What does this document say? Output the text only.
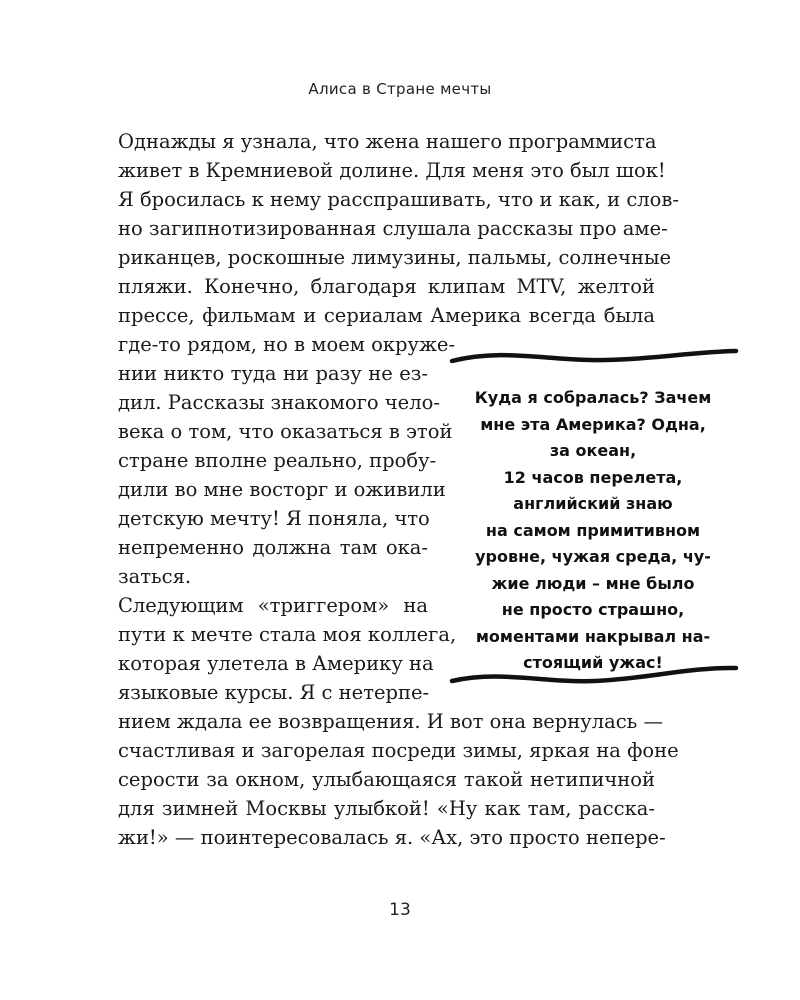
Алиса в Стране мечты
Однажды я узнала, что жена нашего программиста
живет в Кремниевой долине. Для меня это был шок!
Я бросилась к нему расспрашивать, что и как, и слов-
но загипнотизированная слушала рассказы про аме-
риканцев, роскошные лимузины, пальмы, солнечные
пляжи. Конечно, благодаря клипам MTV, желтой
прессе, фильмам и сериалам Америка всегда была
где-то рядом, но в моем окруже-
нии никто туда ни разу не ез-
дил. Рассказы знакомого чело-
века о том, что оказаться в этой
стране вполне реально, пробу-
дили во мне восторг и оживили
детскую мечту! Я поняла, что
непременно должна там ока-
заться.
Следующим «триггером» на
пути к мечте стала моя коллега,
которая улетела в Америку на
языковые курсы. Я с нетерпе-
нием ждала ее возвращения. И вот она вернулась —
счастливая и загорелая посреди зимы, яркая на фоне
серости за окном, улыбающаяся такой нетипичной
для зимней Москвы улыбкой! «Ну как там, расска-
жи!» — поинтересовалась я. «Ах, это просто непере-
Куда я собралась? Зачем
мне эта Америка? Одна,
за океан,
12 часов перелета,
английский знаю
на самом примитивном
уровне, чужая среда, чу-
жие люди – мне было
не просто страшно,
моментами накрывал на-
стоящий ужас!
13
